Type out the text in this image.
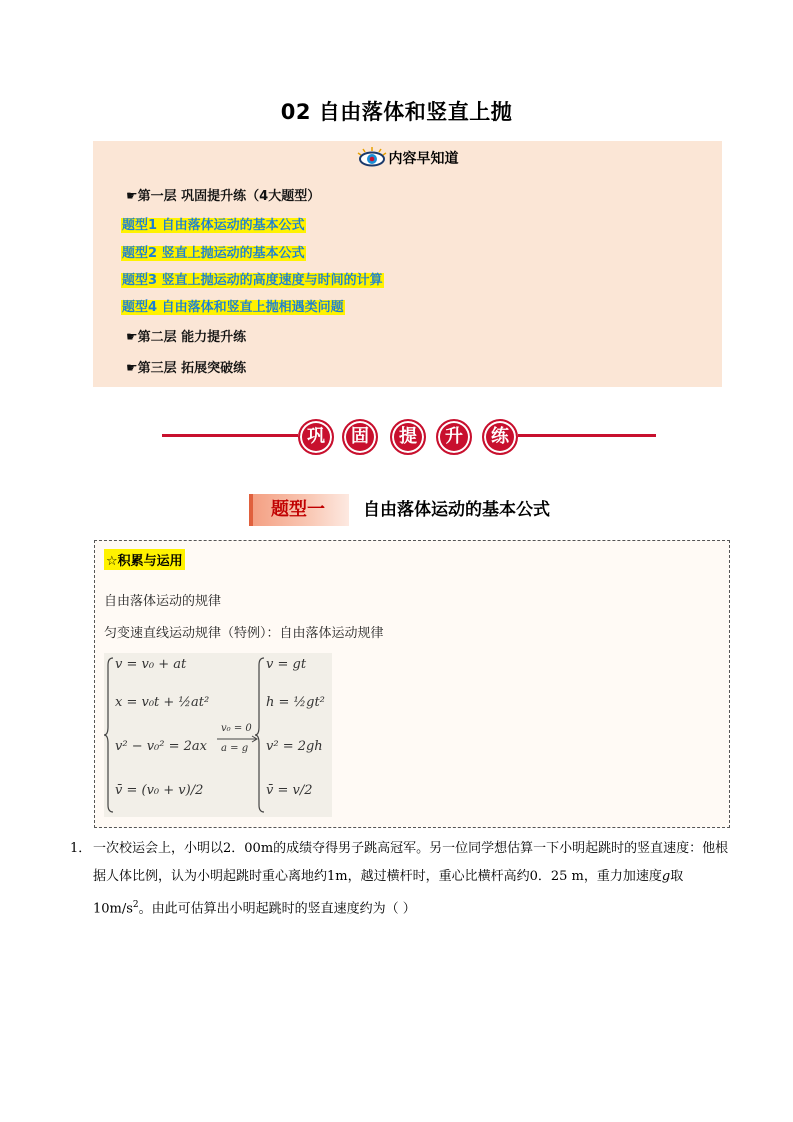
02 自由落体和竖直上抛
内容早知道
☛第一层 巩固提升练（4大题型）
题型1 自由落体运动的基本公式
题型2 竖直上抛运动的基本公式
题型3 竖直上抛运动的高度速度与时间的计算
题型4 自由落体和竖直上抛相遇类问题
☛第二层 能力提升练
☛第三层 拓展突破练
巩	固	提	升	练
题型一	自由落体运动的基本公式
☆积累与运用
自由落体运动的规律
匀变速直线运动规律（特例）：自由落体运动规律
v = v₀ + at
x = v₀t + ½at²
v² − v₀² = 2ax
v̄ = (v₀ + v)/2
v₀ = 0
a = g
v = gt
h = ½gt²
v² = 2gh
v̄ = v/2
1． 一次校运会上，小明以2．00m的成绩夺得男子跳高冠军。另一位同学想估算一下小明起跳时的竖直速度：他根据人体比例，认为小明起跳时重心离地约1m，越过横杆时，重心比横杆高约0．25 m，重力加速度g取$10m/s^2$。由此可估算出小明起跳时的竖直速度约为（ ）
